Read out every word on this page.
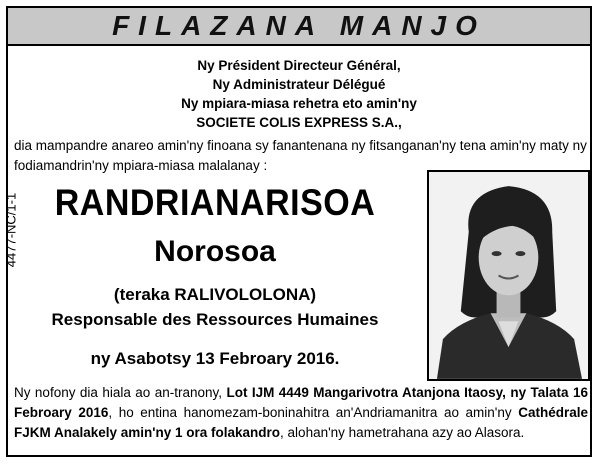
FILAZANA MANJO
Ny Président Directeur Général,
Ny Administrateur Délégué
Ny mpiara-miasa rehetra eto amin'ny
SOCIETE COLIS EXPRESS S.A.,
dia mampandre anareo amin'ny finoana sy fanantenana ny fitsanganan'ny tena amin'ny maty ny
fodiamandrin'ny mpiara-miasa malalanay :
4477-NC/1-1	RANDRIANARISOA
Norosoa
(teraka RALIVOLOLONA)
Responsable des Ressources Humaines
ny Asabotsy 13 Febroary 2016.
Ny nofony dia hiala ao an-tranony, Lot IJM 4449 Mangarivotra Atanjona Itaosy, ny Talata 16 Febroary 2016, ho entina hanomezam-boninahitra an'Andriamanitra ao amin'ny Cathédrale FJKM Analakely amin'ny 1 ora folakandro, alohan'ny hametrahana azy ao Alasora.
